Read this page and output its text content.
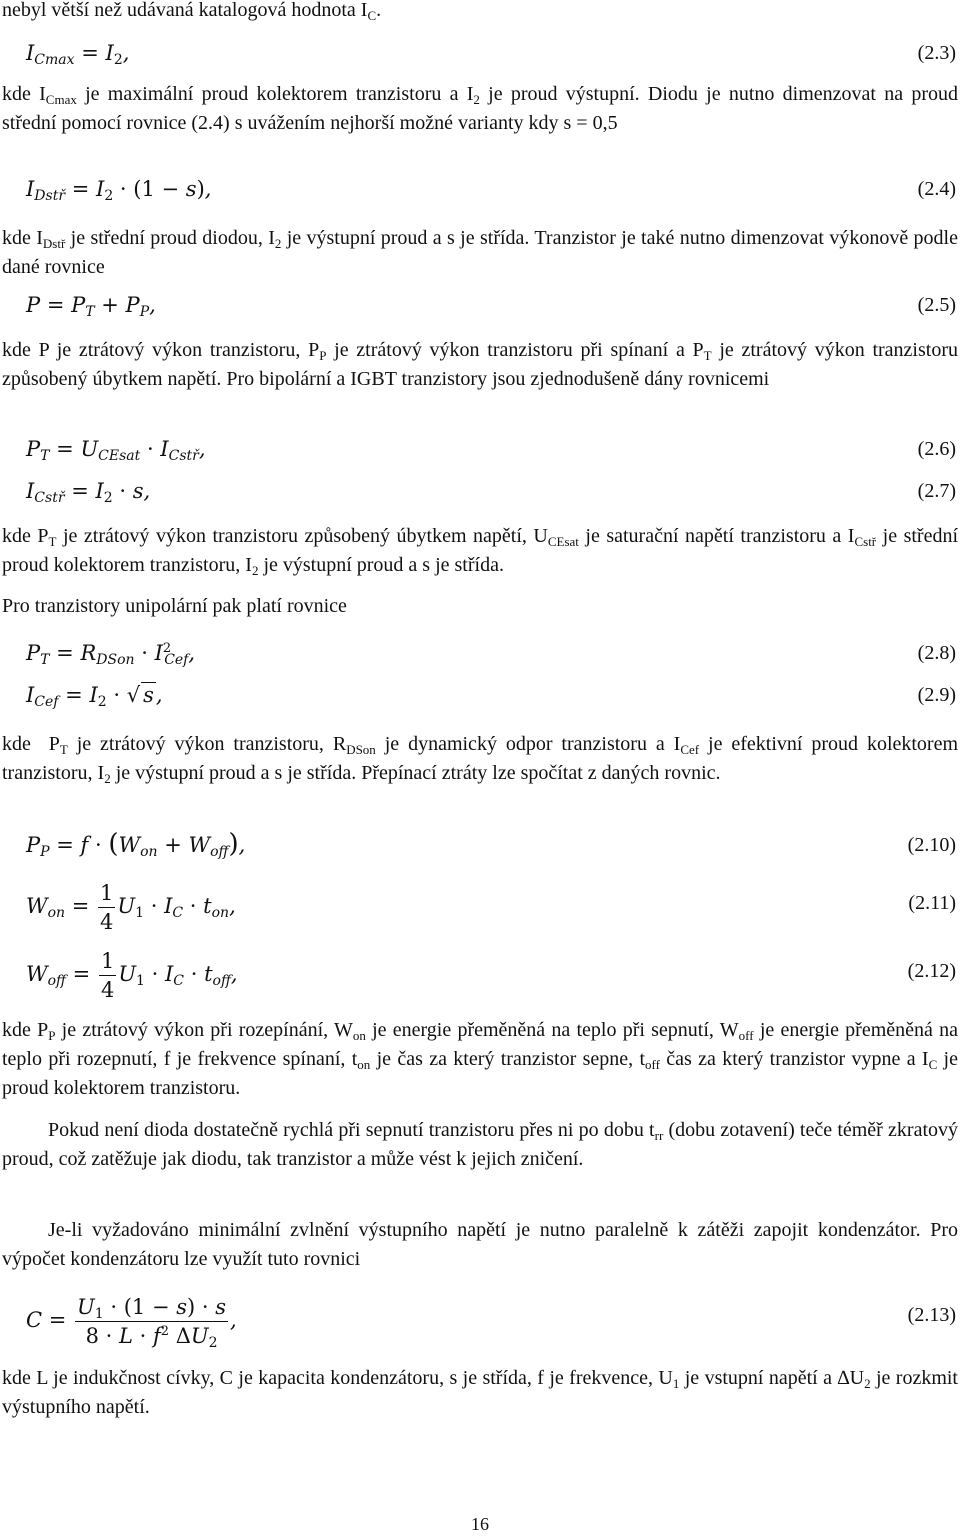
nebyl větší než udávaná katalogová hodnota $I_C$.

$I_{Cmax} = I_2$,	(2.3)

kde $I_{Cmax}$ je maximální proud kolektorem tranzistoru a $I_2$ je proud výstupní. Diodu je nutno dimenzovat na proud střední pomocí rovnice (2.4) s uvážením nejhorší možné varianty kdy s = 0,5

$I_{Dstř} = I_2 \cdot (1 - s)$,	(2.4)

kde $I_{Dstř}$ je střední proud diodou, $I_2$ je výstupní proud a s je střída. Tranzistor je také nutno dimenzovat výkonově podle dané rovnice

$P = P_T + P_P$,	(2.5)

kde P je ztrátový výkon tranzistoru, $P_P$ je ztrátový výkon tranzistoru při spínaní a $P_T$ je ztrátový výkon tranzistoru způsobený úbytkem napětí. Pro bipolární a IGBT tranzistory jsou zjednodušeně dány rovnicemi

$P_T = U_{CEsat} \cdot I_{Cstř}$,	(2.6)
$I_{Cstř} = I_2 \cdot s$,	(2.7)

kde $P_T$ je ztrátový výkon tranzistoru způsobený úbytkem napětí, $U_{CEsat}$ je saturační napětí tranzistoru a $I_{Cstř}$ je střední proud kolektorem tranzistoru, $I_2$ je výstupní proud a s je střída.

Pro tranzistory unipolární pak platí rovnice

$P_T = R_{DSon} \cdot I^2_{Cef}$,	(2.8)
$I_{Cef} = I_2$ · √ s,	(2.9)

kde  $P_T$ je ztrátový výkon tranzistoru, $R_{DSon}$ je dynamický odpor tranzistoru a $I_{Cef}$ je efektivní proud kolektorem tranzistoru, $I_2$ je výstupní proud a s je střída. Přepínací ztráty lze spočítat z daných rovnic.

$P_P = f \cdot (W_{on} + W_{off})$,	(2.10)
$W_{on} = \frac{1}{4} U_1 \cdot I_C \cdot t_{on}$,	(2.11)
$W_{off} = \frac{1}{4} U_1 \cdot I_C \cdot t_{off}$,	(2.12)

kde $P_P$ je ztrátový výkon při rozepínání, $W_{on}$ je energie přeměněná na teplo při sepnutí, $W_{off}$ je energie přeměněná na teplo při rozepnutí, f je frekvence spínaní, $t_{on}$ je čas za který tranzistor sepne, $t_{off}$ čas za který tranzistor vypne a $I_C$ je proud kolektorem tranzistoru.

Pokud není dioda dostatečně rychlá při sepnutí tranzistoru přes ni po dobu $t_{rr}$ (dobu zotavení) teče téměř zkratový proud, což zatěžuje jak diodu, tak tranzistor a může vést k jejich zničení.

Je-li vyžadováno minimální zvlnění výstupního napětí je nutno paralelně k zátěži zapojit kondenzátor. Pro výpočet kondenzátoru lze využít tuto rovnici

$C = \frac{U_1 \cdot (1 - s) \cdot s}{8 \cdot L \cdot f^2 \Delta U_2}$ ,	(2.13)

kde L je indukčnost cívky, C je kapacita kondenzátoru, s je střída, f je frekvence, $U_1$ je vstupní napětí a $\Delta U_2$ je rozkmit výstupního napětí.

16
